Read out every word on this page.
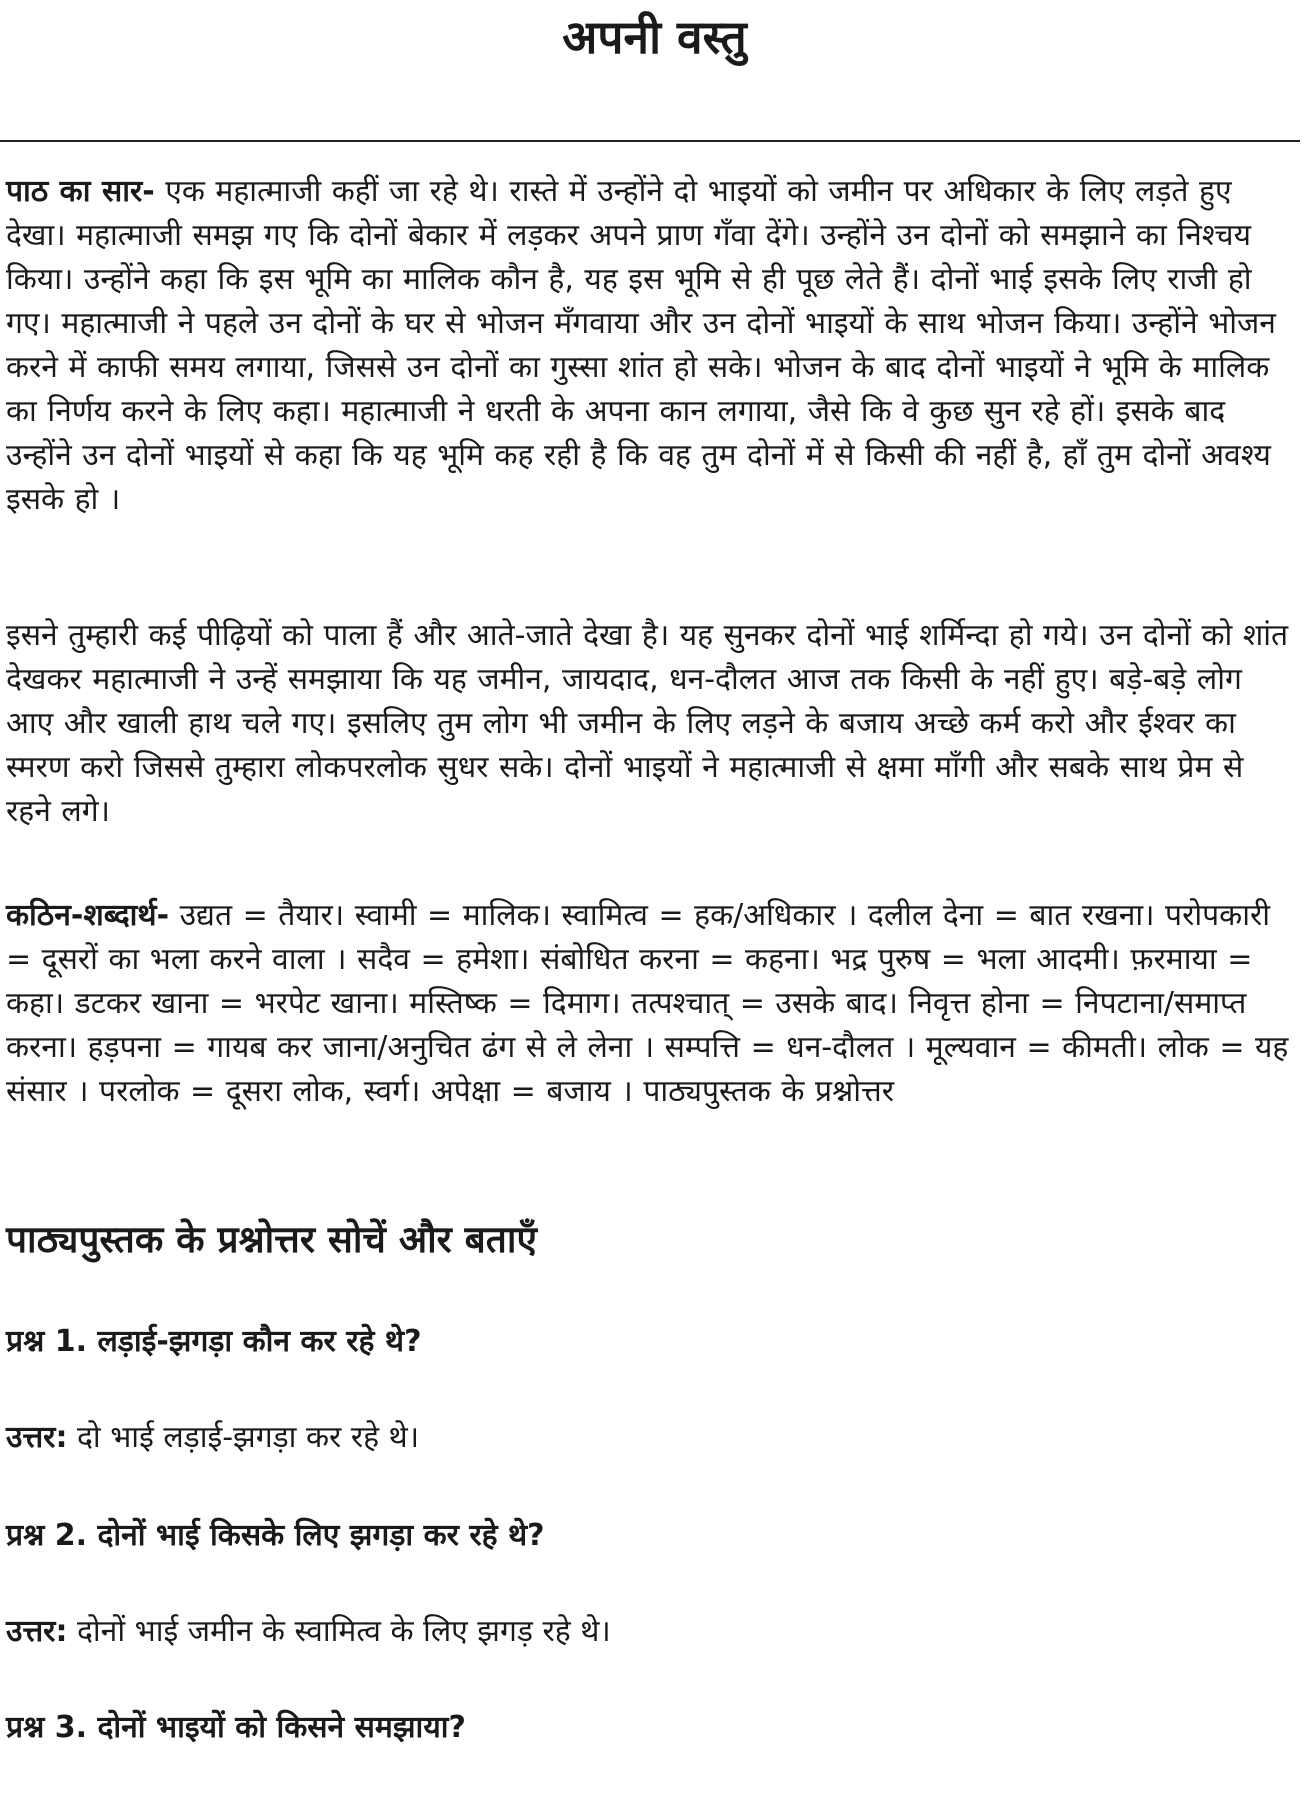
अपनी वस्तु

पाठ का सार- एक महात्माजी कहीं जा रहे थे। रास्ते में उन्होंने दो भाइयों को जमीन पर अधिकार के लिए लड़ते हुए देखा। महात्माजी समझ गए कि दोनों बेकार में लड़कर अपने प्राण गँवा देंगे। उन्होंने उन दोनों को समझाने का निश्चय किया। उन्होंने कहा कि इस भूमि का मालिक कौन है, यह इस भूमि से ही पूछ लेते हैं। दोनों भाई इसके लिए राजी हो गए। महात्माजी ने पहले उन दोनों के घर से भोजन मँगवाया और उन दोनों भाइयों के साथ भोजन किया। उन्होंने भोजन करने में काफी समय लगाया, जिससे उन दोनों का गुस्सा शांत हो सके। भोजन के बाद दोनों भाइयों ने भूमि के मालिक का निर्णय करने के लिए कहा। महात्माजी ने धरती के अपना कान लगाया, जैसे कि वे कुछ सुन रहे हों। इसके बाद उन्होंने उन दोनों भाइयों से कहा कि यह भूमि कह रही है कि वह तुम दोनों में से किसी की नहीं है, हाँ तुम दोनों अवश्य इसके हो ।

इसने तुम्हारी कई पीढ़ियों को पाला हैं और आते-जाते देखा है। यह सुनकर दोनों भाई शर्मिन्दा हो गये। उन दोनों को शांत देखकर महात्माजी ने उन्हें समझाया कि यह जमीन, जायदाद, धन-दौलत आज तक किसी के नहीं हुए। बड़े-बड़े लोग आए और खाली हाथ चले गए। इसलिए तुम लोग भी जमीन के लिए लड़ने के बजाय अच्छे कर्म करो और ईश्वर का स्मरण करो जिससे तुम्हारा लोकपरलोक सुधर सके। दोनों भाइयों ने महात्माजी से क्षमा माँगी और सबके साथ प्रेम से रहने लगे।

कठिन-शब्दार्थ- उद्यत = तैयार। स्वामी = मालिक। स्वामित्व = हक/अधिकार । दलील देना = बात रखना। परोपकारी = दूसरों का भला करने वाला । सदैव = हमेशा। संबोधित करना = कहना। भद्र पुरुष = भला आदमी। फ़रमाया = कहा। डटकर खाना = भरपेट खाना। मस्तिष्क = दिमाग। तत्पश्चात् = उसके बाद। निवृत्त होना = निपटाना/समाप्त करना। हड़पना = गायब कर जाना/अनुचित ढंग से ले लेना । सम्पत्ति = धन-दौलत । मूल्यवान = कीमती। लोक = यह संसार । परलोक = दूसरा लोक, स्वर्ग। अपेक्षा = बजाय । पाठ्यपुस्तक के प्रश्नोत्तर

पाठ्यपुस्तक के प्रश्नोत्तर सोचें और बताएँ

प्रश्न 1. लड़ाई-झगड़ा कौन कर रहे थे?

उत्तर: दो भाई लड़ाई-झगड़ा कर रहे थे।

प्रश्न 2. दोनों भाई किसके लिए झगड़ा कर रहे थे?

उत्तर: दोनों भाई जमीन के स्वामित्व के लिए झगड़ रहे थे।

प्रश्न 3. दोनों भाइयों को किसने समझाया?
